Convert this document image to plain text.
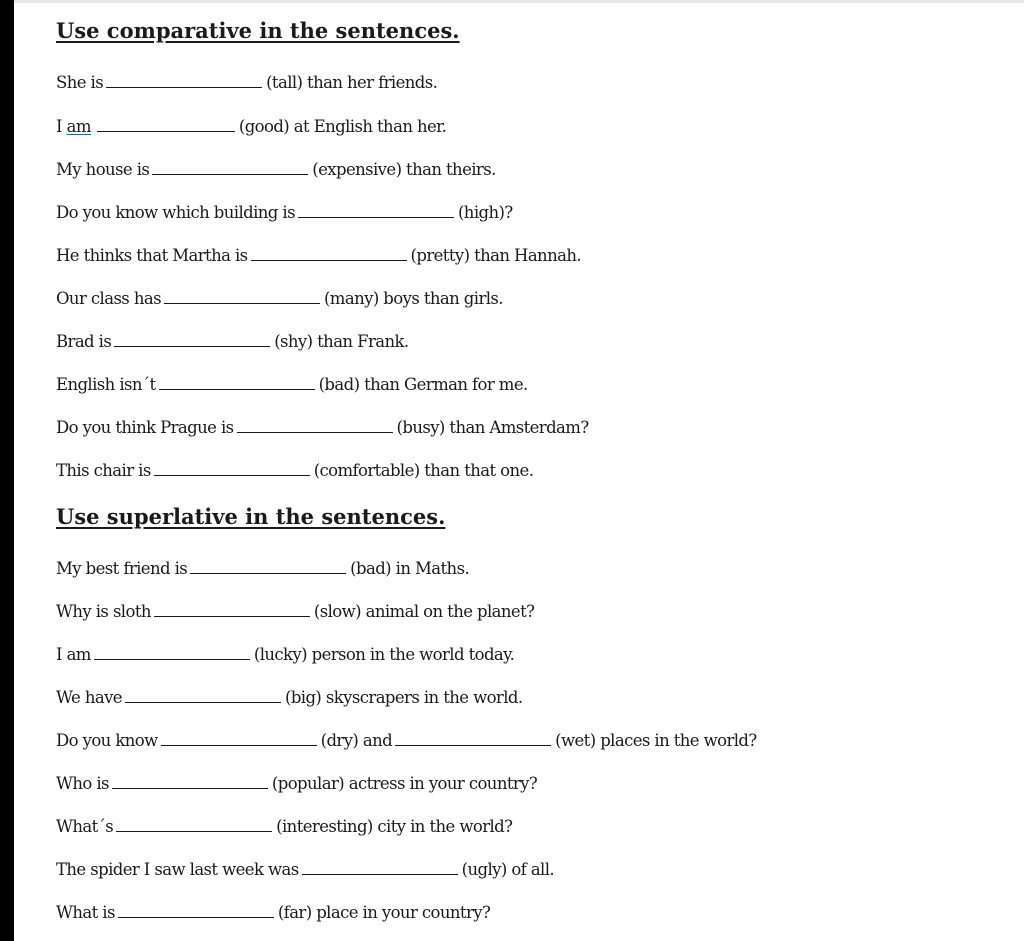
Use comparative in the sentences.
She is	(tall) than her friends.
I am	(good) at English than her.
My house is	(expensive) than theirs.
Do you know which building is	(high)?
He thinks that Martha is	(pretty) than Hannah.
Our class has	(many) boys than girls.
Brad is	(shy) than Frank.
English isn´t	(bad) than German for me.
Do you think Prague is	(busy) than Amsterdam?
This chair is	(comfortable) than that one.
Use superlative in the sentences.
My best friend is	(bad) in Maths.
Why is sloth	(slow) animal on the planet?
I am	(lucky) person in the world today.
We have	(big) skyscrapers in the world.
Do you know	(dry) and	(wet) places in the world?
Who is	(popular) actress in your country?
What´s	(interesting) city in the world?
The spider I saw last week was	(ugly) of all.
What is	(far) place in your country?
